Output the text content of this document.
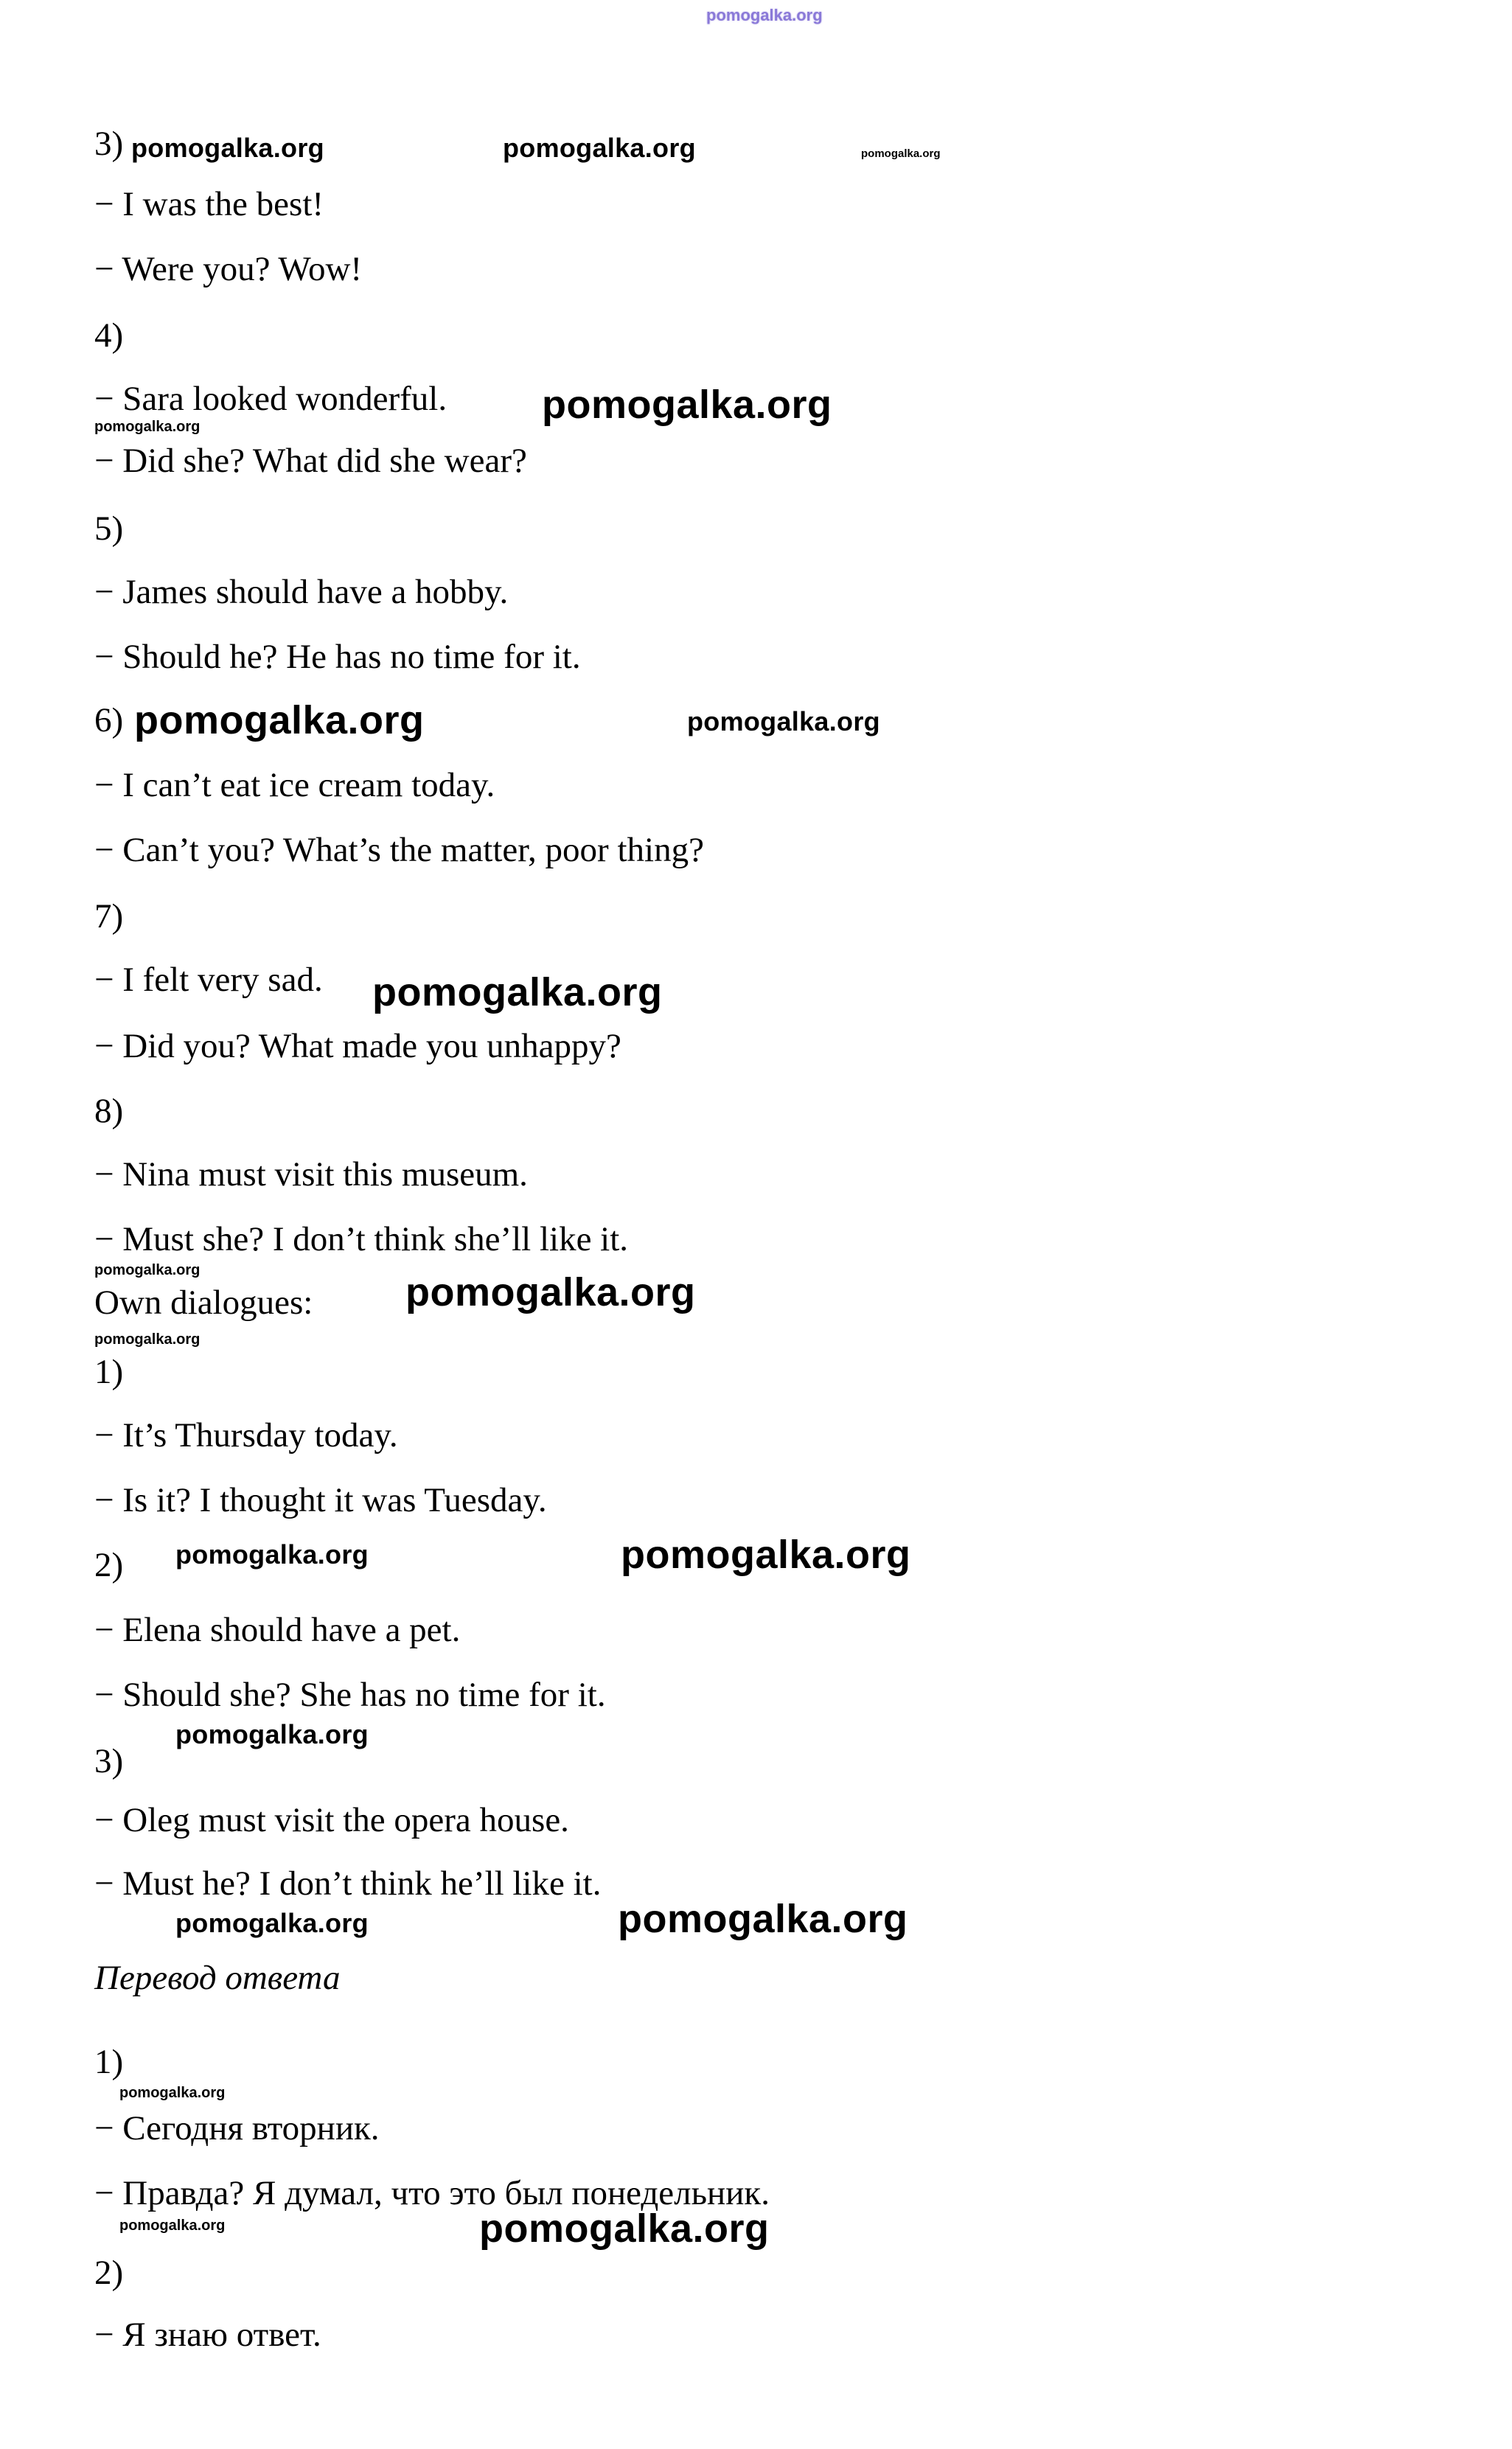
pomogalka.org
3) pomogalka.org	pomogalka.org	pomogalka.org
− I was the best!
− Were you? Wow!
4)
− Sara looked wonderful. pomogalka.org
pomogalka.org
− Did she? What did she wear?
5)
− James should have a hobby.
− Should he? He has no time for it.
6) pomogalka.org	pomogalka.org
− I can’t eat ice cream today.
− Can’t you? What’s the matter, poor thing?
7)
− I felt very sad. pomogalka.org
− Did you? What made you unhappy?
8)
− Nina must visit this museum.
− Must she? I don’t think she’ll like it.
pomogalka.org
Own dialogues: pomogalka.org
pomogalka.org
1)
− It’s Thursday today.
− Is it? I thought it was Tuesday.
2) pomogalka.org	pomogalka.org
− Elena should have a pet.
− Should she? She has no time for it.
pomogalka.org
3)
− Oleg must visit the opera house.
− Must he? I don’t think he’ll like it.
pomogalka.org	pomogalka.org
Перевод ответа
1)
pomogalka.org
− Сегодня вторник.
− Правда? Я думал, что это был понедельник.
pomogalka.org	pomogalka.org
2)
− Я знаю ответ.
